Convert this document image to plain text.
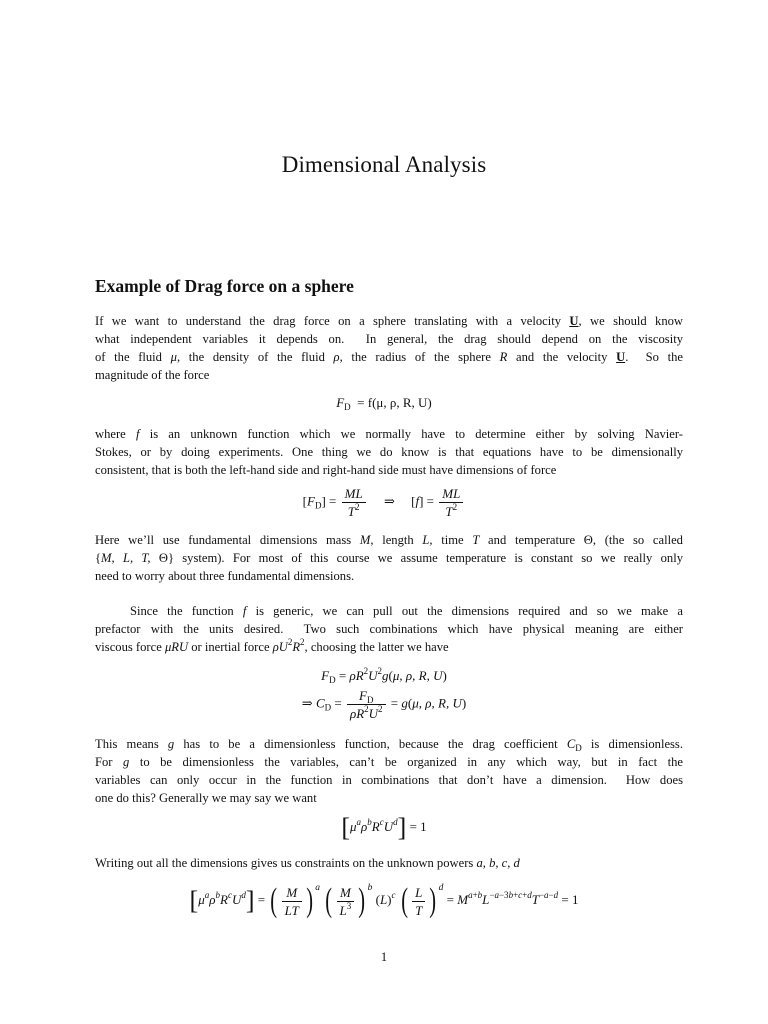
Dimensional Analysis
Example of Drag force on a sphere
If we want to understand the drag force on a sphere translating with a velocity U, we should know
what independent variables it depends on.  In general, the drag should depend on the viscosity
of the fluid μ, the density of the fluid ρ, the radius of the sphere R and the velocity U.  So the
magnitude of the force
$F_D = f(\mu$, ρ, R, U)
where f is an unknown function which we normally have to determine either by solving Navier-
Stokes, or by doing experiments. One thing we do know is that equations have to be dimensionally
consistent, that is both the left-hand side and right-hand side must have dimensions of force
$[F_D] = \frac{ML}{T^2}$ ⇒     $[f] = \frac{ML}{T^2}$
Here we’ll use fundamental dimensions mass M, length L, time T and temperature Θ, (the so called
{M, L, T, Θ} system). For most of this course we assume temperature is constant so we really only
need to worry about three fundamental dimensions.
Since the function f is generic, we can pull out the dimensions required and so we make a
prefactor with the units desired.  Two such combinations which have physical meaning are either
viscous force μRU or inertial force $\rho U^2R^2$, choosing the latter we have
$F_D = \rho R^2U^2g(\mu$, ρ, R, U)
⇒ $C_D = \frac{F_D}{\rho R^2U^2} = g(\mu$, ρ, R, U)
This means g has to be a dimensionless function, because the drag coefficient $C_D$ is dimensionless.
For g to be dimensionless the variables, can’t be organized in any which way, but in fact the
variables can only occur in the function in combinations that don’t have a dimension.  How does
one do this? Generally we may say we want
$[\mu^a\rho^bR^cU^d] = 1$
Writing out all the dimensions gives us constraints on the unknown powers a, b, c, d
$[\mu^a\rho^bR^cU^d]$ = ( $\frac{M}{LT}$ ) $^a$ ( $\frac{M}{L^3}$ ) $^b$ $(L)^c$ ( $\frac{L}{T}$ ) $^d = M^{a+b}L^{-a-3b+c+d}T^{-a-d} = 1$
1
